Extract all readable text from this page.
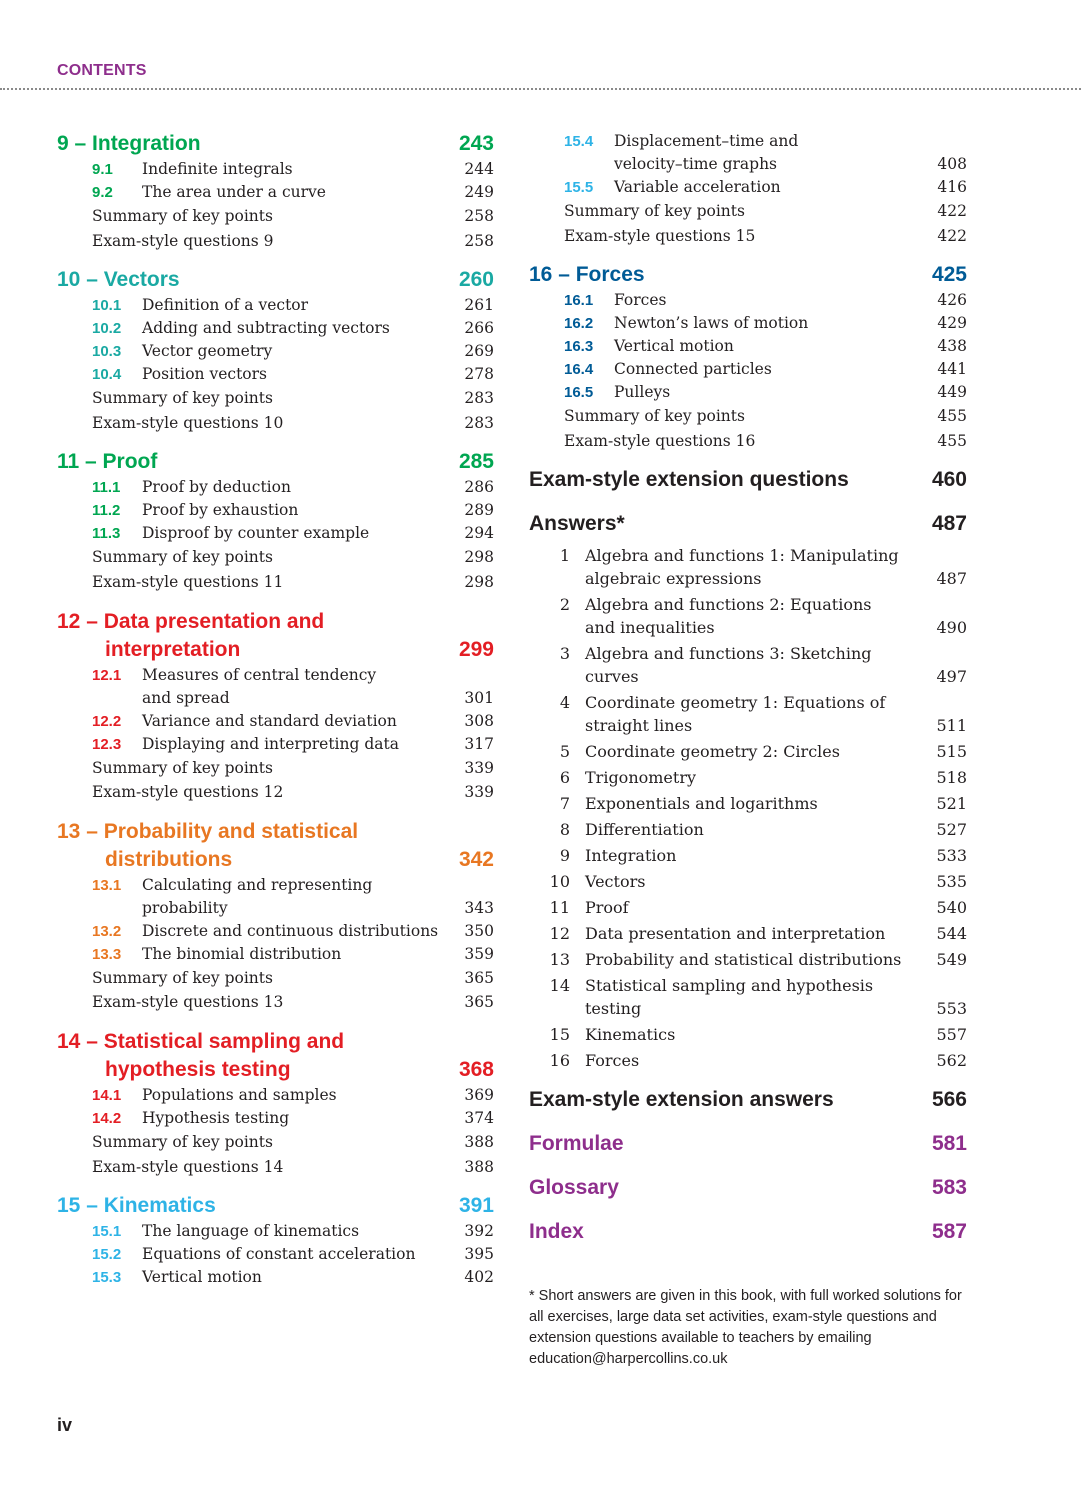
CONTENTS
9 – Integration	243
9.1	Indefinite integrals	244
9.2	The area under a curve	249
Summary of key points	258
Exam-style questions 9	258
10 – Vectors	260
10.1	Definition of a vector	261
10.2	Adding and subtracting vectors	266
10.3	Vector geometry	269
10.4	Position vectors	278
Summary of key points	283
Exam-style questions 10	283
11 – Proof	285
11.1	Proof by deduction	286
11.2	Proof by exhaustion	289
11.3	Disproof by counter example	294
Summary of key points	298
Exam-style questions 11	298
12 – Data presentation and
interpretation	299
12.1	Measures of central tendency
and spread	301
12.2	Variance and standard deviation	308
12.3	Displaying and interpreting data	317
Summary of key points	339
Exam-style questions 12	339
13 – Probability and statistical
distributions	342
13.1	Calculating and representing
probability	343
13.2	Discrete and continuous distributions	350
13.3	The binomial distribution	359
Summary of key points	365
Exam-style questions 13	365
14 – Statistical sampling and
hypothesis testing	368
14.1	Populations and samples	369
14.2	Hypothesis testing	374
Summary of key points	388
Exam-style questions 14	388
15 – Kinematics	391
15.1	The language of kinematics	392
15.2	Equations of constant acceleration	395
15.3	Vertical motion	402
15.4	Displacement–time and
velocity–time graphs	408
15.5	Variable acceleration	416
Summary of key points	422
Exam-style questions 15	422
16 – Forces	425
16.1	Forces	426
16.2	Newton’s laws of motion	429
16.3	Vertical motion	438
16.4	Connected particles	441
16.5	Pulleys	449
Summary of key points	455
Exam-style questions 16	455
Exam-style extension questions	460
Answers*	487
1 Algebra and functions 1: Manipulating
algebraic expressions	487
2 Algebra and functions 2: Equations
and inequalities	490
3 Algebra and functions 3: Sketching
curves	497
4 Coordinate geometry 1: Equations of
straight lines	511
5 Coordinate geometry 2: Circles	515
6 Trigonometry	518
7 Exponentials and logarithms	521
8 Differentiation	527
9 Integration	533
10 Vectors	535
11 Proof	540
12 Data presentation and interpretation	544
13 Probability and statistical distributions	549
14 Statistical sampling and hypothesis
testing	553
15 Kinematics	557
16 Forces	562
Exam-style extension answers	566
Formulae	581
Glossary	583
Index	587
* Short answers are given in this book, with full worked solutions for all exercises, large data set activities, exam-style questions and extension questions available to teachers by emailing education@harpercollins.co.uk
iv
